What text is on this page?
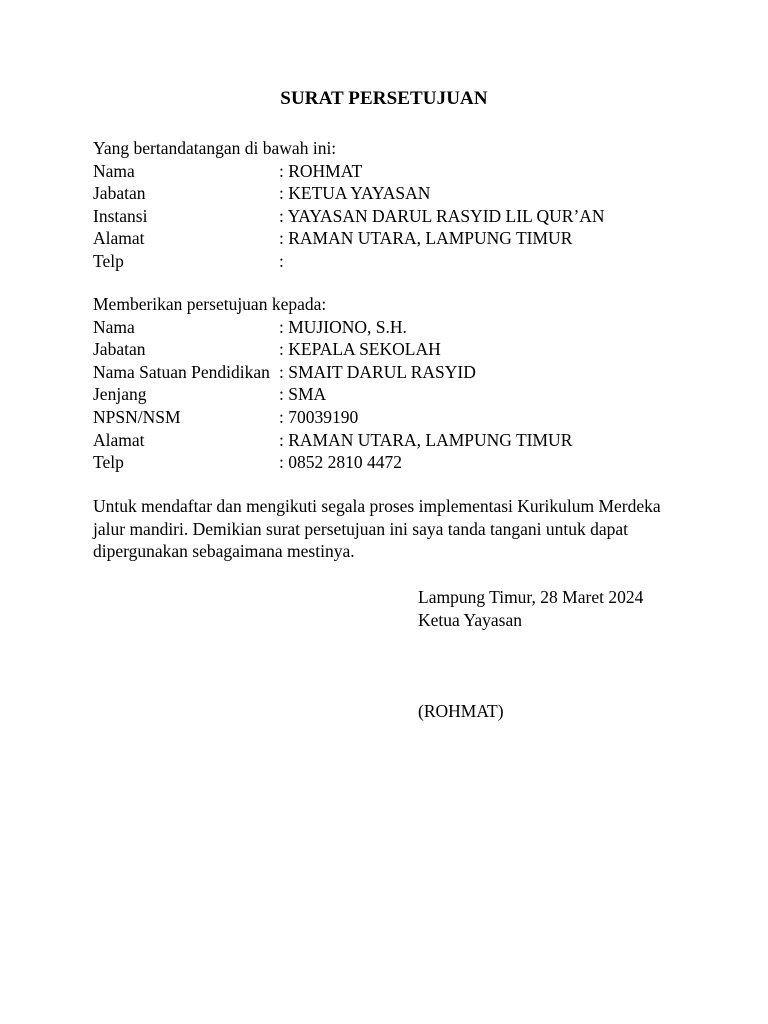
SURAT PERSETUJUAN
Yang bertandatangan di bawah ini:
Nama	: ROHMAT
Jabatan	: KETUA YAYASAN
Instansi	: YAYASAN DARUL RASYID LIL QUR’AN
Alamat	: RAMAN UTARA, LAMPUNG TIMUR
Telp	:
Memberikan persetujuan kepada:
Nama	: MUJIONO, S.H.
Jabatan	: KEPALA SEKOLAH
Nama Satuan Pendidikan : SMAIT DARUL RASYID
Jenjang	: SMA
NPSN/NSM	: 70039190
Alamat	: RAMAN UTARA, LAMPUNG TIMUR
Telp	: 0852 2810 4472
Untuk mendaftar dan mengikuti segala proses implementasi Kurikulum Merdeka jalur mandiri. Demikian surat persetujuan ini saya tanda tangani untuk dapat dipergunakan sebagaimana mestinya.
Lampung Timur, 28 Maret 2024
Ketua Yayasan
(ROHMAT)
